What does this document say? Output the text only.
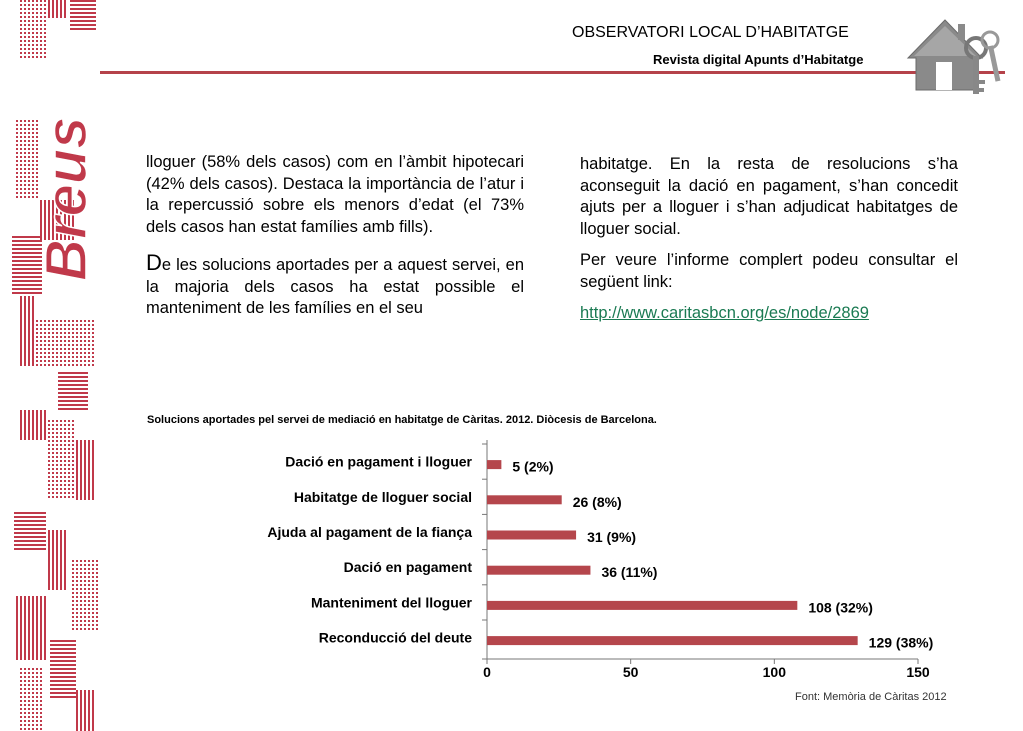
Breus
OBSERVATORI LOCAL D’HABITATGE
Revista digital Apunts d’Habitatge

lloguer (58% dels casos) com en l’àmbit hipotecari (42% dels casos). Destaca la importància de l’atur i la repercussió sobre els menors d’edat (el 73% dels casos han estat famílies amb fills).

De les solucions aportades per a aquest servei, en la majoria dels casos ha estat possible el manteniment de les famílies en el seu

habitatge. En la resta de resolucions s’ha aconseguit la dació en pagament, s’han concedit ajuts per a lloguer i s’han adjudicat habitatges de lloguer social.

Per veure l’informe complert podeu consultar el següent link:

http://www.caritasbcn.org/es/node/2869

Solucions aportades pel servei de mediació en habitatge de Càritas. 2012. Diòcesis de Barcelona.
Dació en pagament i lloguer	5 (2%)
Habitatge de lloguer social	26 (8%)
Ajuda al pagament de la fiança	31 (9%)
Dació en pagament	36 (11%)
Manteniment del lloguer	108 (32%)
Reconducció del deute	129 (38%)
0	50	100	150
Font: Memòria de Càritas 2012
